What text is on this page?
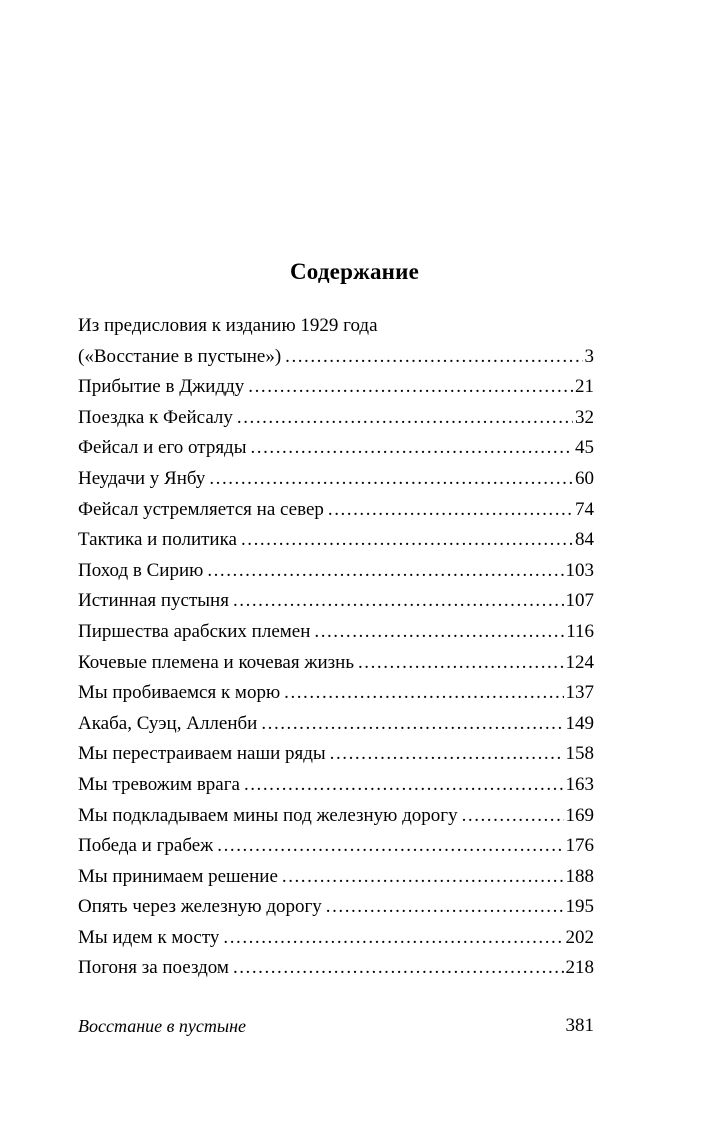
Содержание
Из предисловия к изданию 1929 года
(«Восстание в пустыне») . . .	3
Прибытие в Джидду . . .	21
Поездка к Фейсалу . . .	32
Фейсал и его отряды . . .	45
Неудачи у Янбу . . .	60
Фейсал устремляется на север . . .	74
Тактика и политика . . .	84
Поход в Сирию . . .	103
Истинная пустыня . . .	107
Пиршества арабских племен . . .	116
Кочевые племена и кочевая жизнь . . .	124
Мы пробиваемся к морю . . .	137
Акаба, Суэц, Алленби . . .	149
Мы перестраиваем наши ряды . . .	158
Мы тревожим врага . . .	163
Мы подкладываем мины под железную дорогу . . .	169
Победа и грабеж . . .	176
Мы принимаем решение . . .	188
Опять через железную дорогу . . .	195
Мы идем к мосту . . .	202
Погоня за поездом . . .	218
Восстание в пустыне	381
